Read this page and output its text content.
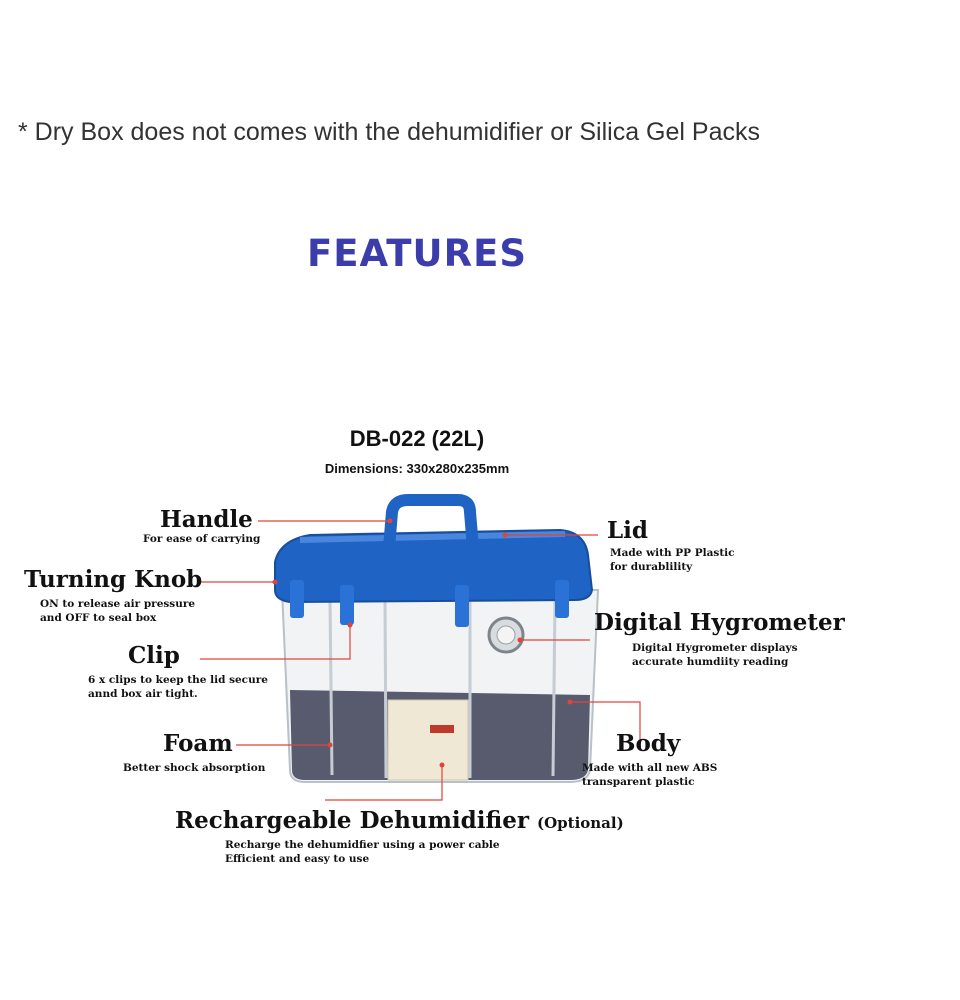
* Dry Box does not comes with the dehumidifier or Silica Gel Packs
FEATURES
DB-022 (22L)
Dimensions: 330x280x235mm
Handle
For ease of carrying
Turning Knob
ON to release air pressure
and OFF to seal box
Clip
6 x clips to keep the lid secure
annd box air tight.
Foam
Better shock absorption
Lid
Made with PP Plastic
for durablility
Digital Hygrometer
Digital Hygrometer displays
accurate humdiity reading
Body
Made with all new ABS
transparent plastic
Rechargeable Dehumidifier (Optional)
Recharge the dehumidfier using a power cable
Efficient and easy to use
